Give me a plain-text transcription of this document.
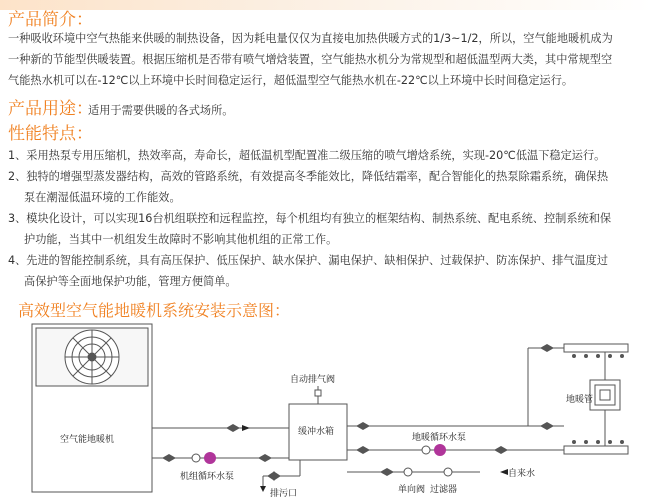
产品简介：

一种吸收环境中空气热能来供暖的制热设备，因为耗电量仅仅为直接电加热供暖方式的1/3~1/2，所以，空气能地暖机成为

一种新的节能型供暖装置。根据压缩机是否带有喷气增焓装置，空气能热水机分为常规型和超低温型两大类，其中常规型空

气能热水机可以在-12℃以上环境中长时间稳定运行，超低温型空气能热水机在-22℃以上环境中长时间稳定运行。

产品用途：
适用于需要供暖的各式场所。
性能特点：

1、采用热泵专用压缩机，热效率高，寿命长，超低温机型配置准二级压缩的喷气增焓系统，实现-20℃低温下稳定运行。

2、独特的增强型蒸发器结构，高效的管路系统，有效提高冬季能效比，降低结霜率，配合智能化的热泵除霜系统，确保热

泵在潮湿低温环境的工作能效。

3、模块化设计，可以实现16台机组联控和远程监控，每个机组均有独立的框架结构、制热系统、配电系统、控制系统和保

护功能，当其中一机组发生故障时不影响其他机组的正常工作。

4、先进的智能控制系统，具有高压保护、低压保护、缺水保护、漏电保护、缺相保护、过载保护、防冻保护、排气温度过

高保护等全面地保护功能，管理方便简单。

高效型空气能地暖机系统安装示意图：
空气能地暖机
自动排气阀
缓冲水箱
机组循环水泵
排污口
地暖循环水泵
单向阀 过滤器
自来水
地暖管
